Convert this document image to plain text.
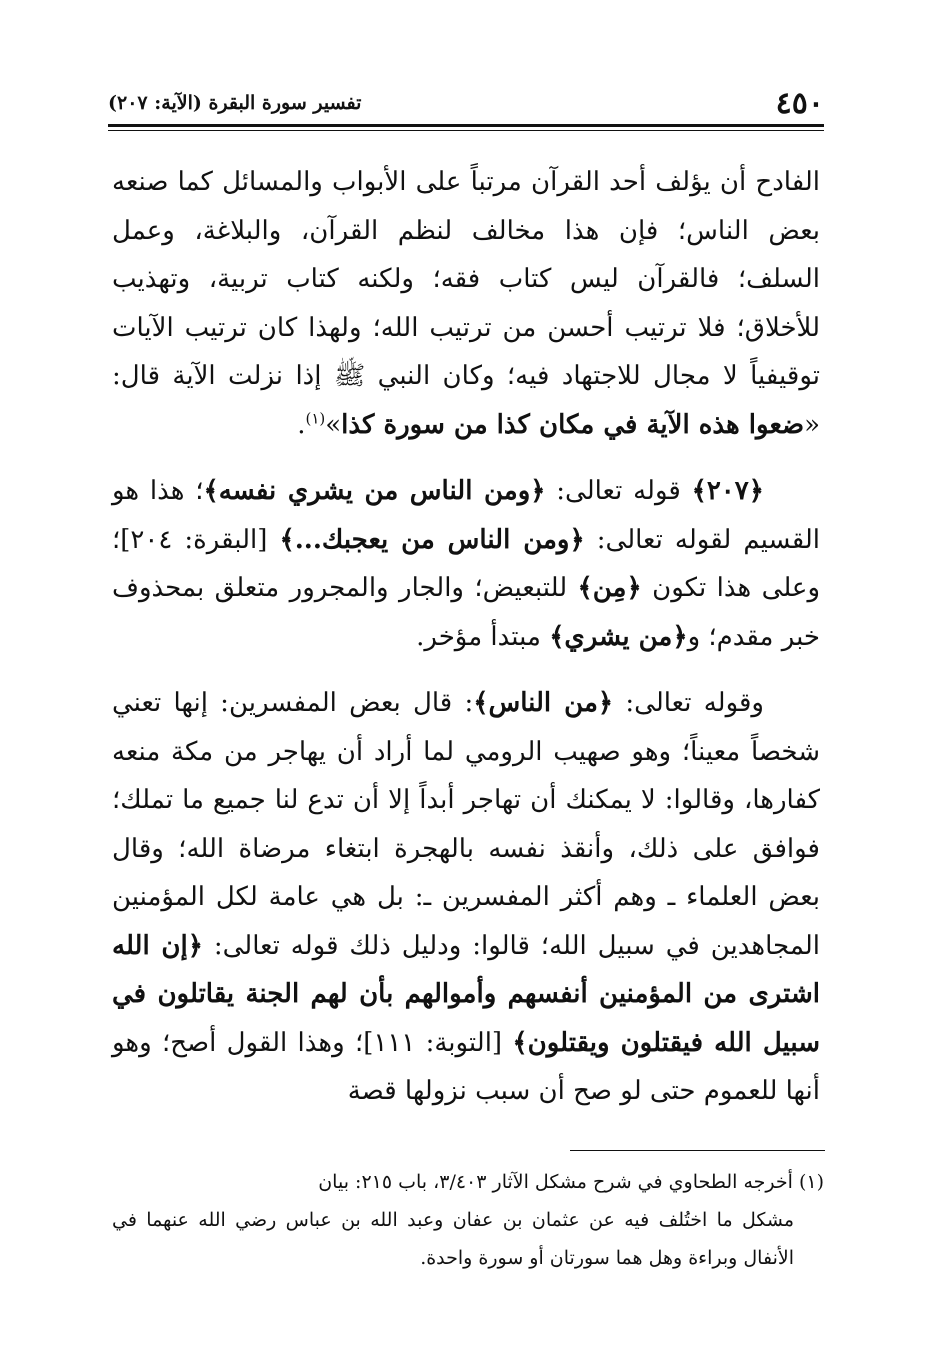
٤٥٠
تفسير سورة البقرة (الآية: ٢٠٧)

الفادح أن يؤلف أحد القرآن مرتباً على الأبواب والمسائل كما صنعه بعض الناس؛ فإن هذا مخالف لنظم القرآن، والبلاغة، وعمل السلف؛ فالقرآن ليس كتاب فقه؛ ولكنه كتاب تربية، وتهذيب للأخلاق؛ فلا ترتيب أحسن من ترتيب الله؛ ولهذا كان ترتيب الآيات توقيفياً لا مجال للاجتهاد فيه؛ وكان النبي ﷺ إذا نزلت الآية قال: «ضعوا هذه الآية في مكان كذا من سورة كذا»$^{(١)}$.

﴿٢٠٧﴾ قوله تعالى: ﴿ومن الناس من يشري نفسه﴾؛ هذا هو القسيم لقوله تعالى: ﴿ومن الناس من يعجبك...﴾ [البقرة: ٢٠٤]؛ وعلى هذا تكون ﴿مِن﴾ للتبعيض؛ والجار والمجرور متعلق بمحذوف خبر مقدم؛ و﴿من يشري﴾ مبتدأ مؤخر.

وقوله تعالى: ﴿من الناس﴾: قال بعض المفسرين: إنها تعني شخصاً معيناً؛ وهو صهيب الرومي لما أراد أن يهاجر من مكة منعه كفارها، وقالوا: لا يمكنك أن تهاجر أبداً إلا أن تدع لنا جميع ما تملك؛ فوافق على ذلك، وأنقذ نفسه بالهجرة ابتغاء مرضاة الله؛ وقال بعض العلماء ـ وهم أكثر المفسرين ـ: بل هي عامة لكل المؤمنين المجاهدين في سبيل الله؛ قالوا: ودليل ذلك قوله تعالى: ﴿إن الله اشترى من المؤمنين أنفسهم وأموالهم بأن لهم الجنة يقاتلون في سبيل الله فيقتلون ويقتلون﴾ [التوبة: ١١١]؛ وهذا القول أصح؛ وهو أنها للعموم حتى لو صح أن سبب نزولها قصة

(١) أخرجه الطحاوي في شرح مشكل الآثار ٣/٤٠٣، باب ٢١٥: بيان

مشكل ما اختُلف فيه عن عثمان بن عفان وعبد الله بن عباس رضي الله عنهما في الأنفال وبراءة وهل هما سورتان أو سورة واحدة.
